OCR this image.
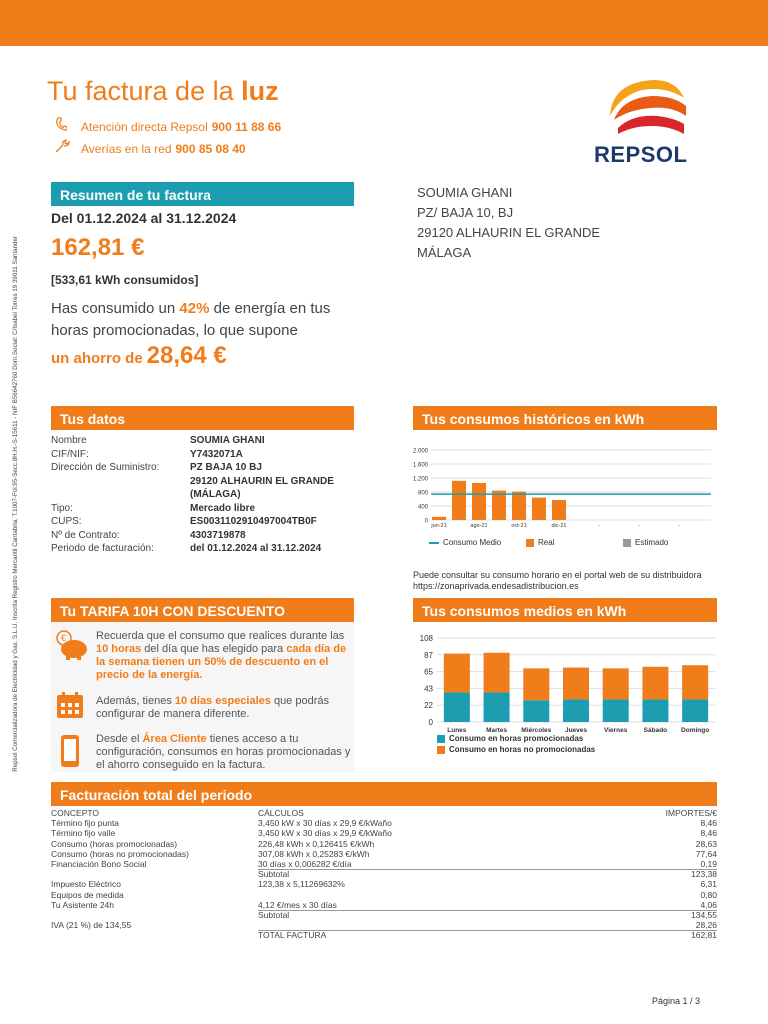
Repsol Comercializadora de Electricidad y Gas, S.L.U. Inscrita Registro Mercantil Cantabria, T.1007-Fol.95-Secc.8H.H.-S-15611 - NIF B56642760 Dom.Social: C/Isabel Torres 19 39011 Santander
Tu factura de la luz
Atención directa Repsol 900 11 88 66
Averías en la red 900 85 08 40	REPSOL
Resumen de tu factura
Del 01.12.2024 al 31.12.2024
162,81 €
[533,61 kWh consumidos]
Has consumido un 42% de energía en tus horas promocionadas, lo que supone
un ahorro de 28,64 €
SOUMIA GHANI
PZ/ BAJA 10, BJ
29120 ALHAURIN EL GRANDE
MÁLAGA
Tus datos
Nombre	SOUMIA GHANI
CIF/NIF:	Y7432071A
Dirección de Suministro:	PZ BAJA 10 BJ
29120 ALHAURIN EL GRANDE
(MÁLAGA)
Tipo:	Mercado libre
CUPS:	ES0031102910497004TB0F
Nº de Contrato:	4303719878
Periodo de facturación:	del 01.12.2024 al 31.12.2024
Tus consumos históricos en kWh
0
400
800
1.200
1.600
2.000
jun-21	ago-21	oct-21	dic-21	-	-	-
Consumo Medio	Real	Estimado
Puede consultar su consumo horario en el portal web de su distribuidora
https://zonaprivada.endesadistribucion.es
Tu TARIFA 10H CON DESCUENTO
€	Recuerda que el consumo que realices durante las 10 horas del día que has elegido para cada día de la semana tienen un 50% de descuento en el precio de la energía.

Además, tienes 10 días especiales que podrás configurar de manera diferente.

Desde el Área Cliente tienes acceso a tu configuración, consumos en horas promocionadas y el ahorro conseguido en la factura.

Tus consumos medios en kWh
0
22
43
65
87
108
Lunes	Martes Miércoles Jueves	Viernes	Sábado Domingo
Consumo en horas promocionadas
Consumo en horas no promocionadas
Facturación total del periodo
CONCEPTO	CÁLCULOS	IMPORTES/€
Término fijo punta	3,450 kW x 30 días x 29,9 €/kWaño	8,46
Término fijo valle	3,450 kW x 30 días x 29,9 €/kWaño	8,46
Consumo (horas promocionadas)	226,48 kWh x 0,126415 €/kWh	28,63
Consumo (horas no promocionadas)	307,08 kWh x 0,25283 €/kWh	77,64
Financiación Bono Social	30 días x 0,006282 €/día	0,19
Subtotal	123,38
Impuesto Eléctrico	123,38 x 5,11269632%	6,31
Equipos de medida	0,80
Tu Asistente 24h	4,12 €/mes x 30 días	4,06
Subtotal	134,55
IVA (21 %) de 134,55	28,26
TOTAL FACTURA	162,81
Página 1 / 3
